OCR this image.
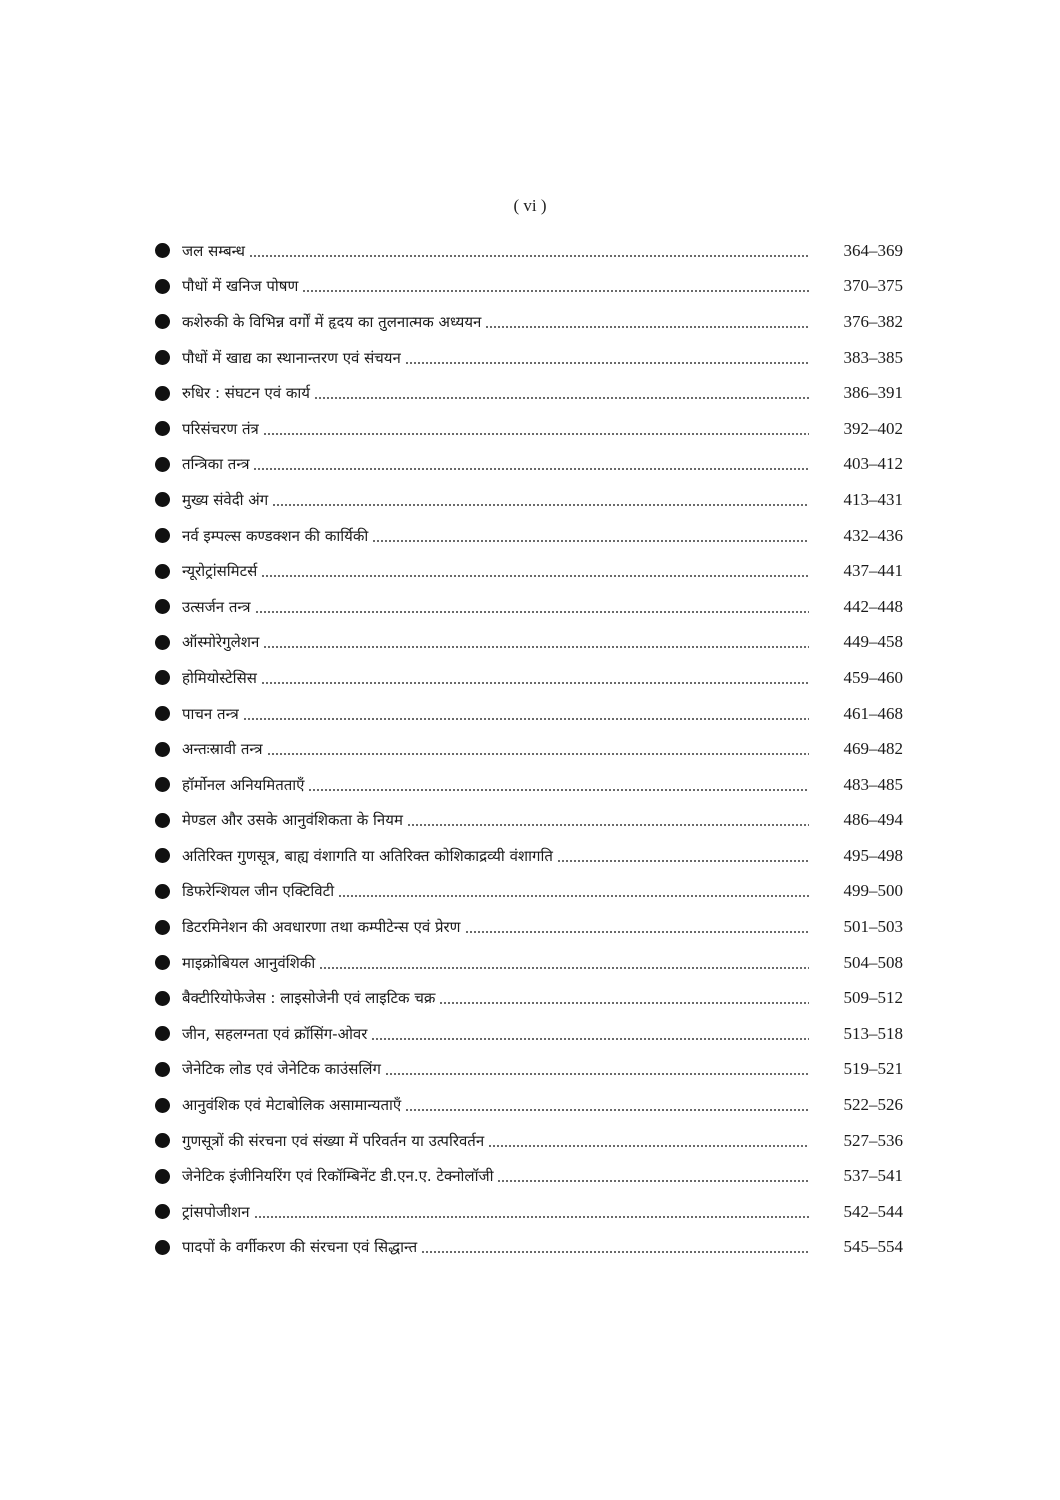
( vi )
जल सम्बन्ध	364–369
पौधों में खनिज पोषण	370–375
कशेरुकी के विभिन्न वर्गों में हृदय का तुलनात्मक अध्ययन	376–382
पौधों में खाद्य का स्थानान्तरण एवं संचयन	383–385
रुधिर : संघटन एवं कार्य	386–391
परिसंचरण तंत्र	392–402
तन्त्रिका तन्त्र	403–412
मुख्य संवेदी अंग	413–431
नर्व इम्पल्स कण्डक्शन की कार्यिकी	432–436
न्यूरोट्रांसमिटर्स	437–441
उत्सर्जन तन्त्र	442–448
ऑस्मोरेगुलेशन	449–458
होमियोस्टेसिस	459–460
पाचन तन्त्र	461–468
अन्तःस्रावी तन्त्र	469–482
हॉर्मोनल अनियमितताएँ	483–485
मेण्डल और उसके आनुवंशिकता के नियम	486–494
अतिरिक्त गुणसूत्र, बाह्य वंशागति या अतिरिक्त कोशिकाद्रव्यी वंशागति	495–498
डिफरेन्शियल जीन एक्टिविटी	499–500
डिटरमिनेशन की अवधारणा तथा कम्पीटेन्स एवं प्रेरण	501–503
माइक्रोबियल आनुवंशिकी	504–508
बैक्टीरियोफेजेस : लाइसोजेनी एवं लाइटिक चक्र	509–512
जीन, सहलग्नता एवं क्रॉसिंग-ओवर	513–518
जेनेटिक लोड एवं जेनेटिक काउंसलिंग	519–521
आनुवंशिक एवं मेटाबोलिक असामान्यताएँ	522–526
गुणसूत्रों की संरचना एवं संख्या में परिवर्तन या उत्परिवर्तन	527–536
जेनेटिक इंजीनियरिंग एवं रिकॉम्बिनेंट डी.एन.ए. टेक्नोलॉजी	537–541
ट्रांसपोजीशन	542–544
पादपों के वर्गीकरण की संरचना एवं सिद्धान्त	545–554
